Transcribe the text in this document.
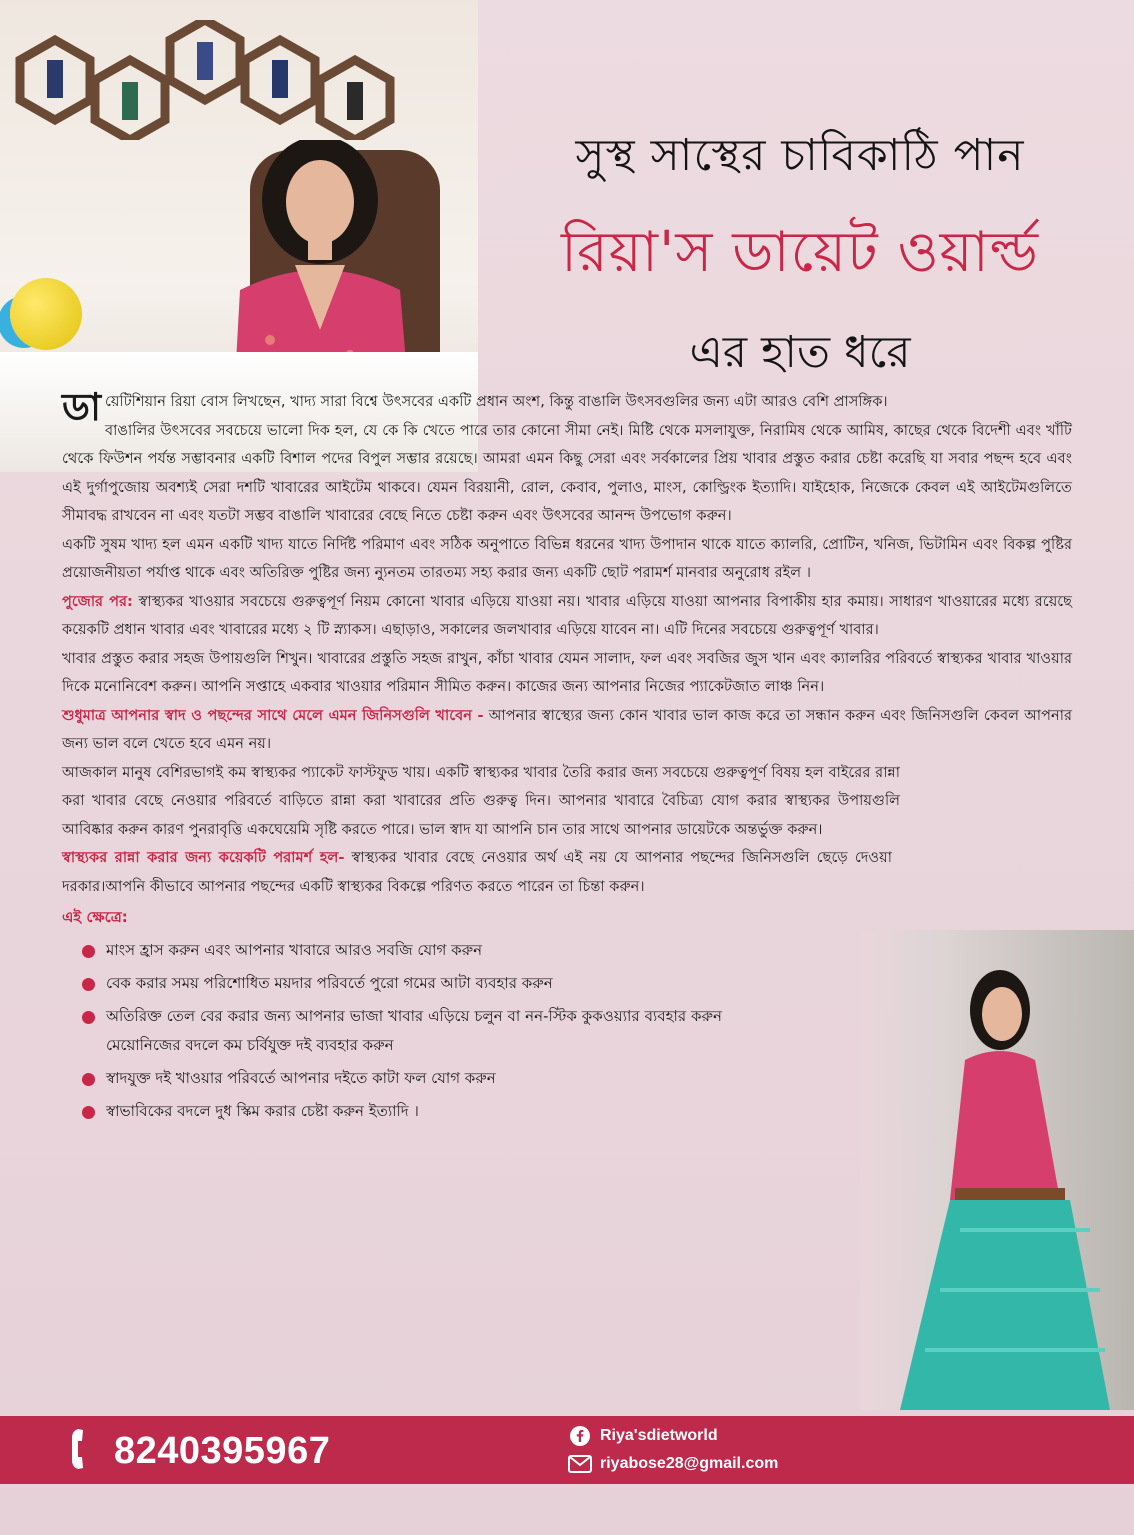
সুস্থ সাস্থের চাবিকাঠি পান
রিয়া'স ডায়েট ওয়ার্ল্ড
এর হাত ধরে

ডায়েটিশিয়ান রিয়া বোস লিখছেন, খাদ্য সারা বিশ্বে উৎসবের একটি প্রধান অংশ, কিন্তু বাঙালি উৎসবগুলির জন্য এটা আরও বেশি প্রাসঙ্গিক।

বাঙালির উৎসবের সবচেয়ে ভালো দিক হল, যে কে কি খেতে পারে তার কোনো সীমা নেই। মিষ্টি থেকে মসলাযুক্ত, নিরামিষ থেকে আমিষ, কাছের থেকে বিদেশী এবং খাঁটি থেকে ফিউশন পর্যন্ত সম্ভাবনার একটি বিশাল পদের বিপুল সম্ভার রয়েছে। আমরা এমন কিছু সেরা এবং সর্বকালের প্রিয় খাবার প্রস্তুত করার চেষ্টা করেছি যা সবার পছন্দ হবে এবং এই দুর্গাপুজোয় অবশ্যই সেরা দশটি খাবারের আইটেম থাকবে। যেমন বিরয়ানী, রোল, কেবাব, পুলাও, মাংস, কোল্ড্রিংক ইত্যাদি। যাইহোক, নিজেকে কেবল এই আইটেমগুলিতে সীমাবদ্ধ রাখবেন না এবং যতটা সম্ভব বাঙালি খাবারের বেছে নিতে চেষ্টা করুন এবং উৎসবের আনন্দ উপভোগ করুন।

একটি সুষম খাদ্য হল এমন একটি খাদ্য যাতে নির্দিষ্ট পরিমাণ এবং সঠিক অনুপাতে বিভিন্ন ধরনের খাদ্য উপাদান থাকে যাতে ক্যালরি, প্রোটিন, খনিজ, ভিটামিন এবং বিকল্প পুষ্টির প্রয়োজনীয়তা পর্যাপ্ত থাকে এবং অতিরিক্ত পুষ্টির জন্য ন্যুনতম তারতম্য সহ্য করার জন্য একটি ছোট পরামর্শ মানবার অনুরোধ রইল ।

পুজোর পর: স্বাস্থ্যকর খাওয়ার সবচেয়ে গুরুত্বপূর্ণ নিয়ম কোনো খাবার এড়িয়ে যাওয়া নয়। খাবার এড়িয়ে যাওয়া আপনার বিপাকীয় হার কমায়। সাধারণ খাওয়ারের মধ্যে রয়েছে কয়েকটি প্রধান খাবার এবং খাবারের মধ্যে ২ টি স্ন্যাকস। এছাড়াও, সকালের জলখাবার এড়িয়ে যাবেন না। এটি দিনের সবচেয়ে গুরুত্বপূর্ণ খাবার।

খাবার প্রস্তুত করার সহজ উপায়গুলি শিখুন। খাবারের প্রস্তুতি সহজ রাখুন, কাঁচা খাবার যেমন সালাদ, ফল এবং সবজির জুস খান এবং ক্যালরির পরিবর্তে স্বাস্থ্যকর খাবার খাওয়ার দিকে মনোনিবেশ করুন। আপনি সপ্তাহে একবার খাওয়ার পরিমান সীমিত করুন। কাজের জন্য আপনার নিজের প্যাকেটজাত লাঞ্চ নিন।

শুধুমাত্র আপনার স্বাদ ও পছন্দের সাথে মেলে এমন জিনিসগুলি খাবেন - আপনার স্বাস্থ্যের জন্য কোন খাবার ভাল কাজ করে তা সন্ধান করুন এবং জিনিসগুলি কেবল আপনার জন্য ভাল বলে খেতে হবে এমন নয়।

আজকাল মানুষ বেশিরভাগই কম স্বাস্থ্যকর প্যাকেট ফাস্টফুড খায়। একটি স্বাস্থ্যকর খাবার তৈরি করার জন্য সবচেয়ে গুরুত্বপূর্ণ বিষয় হল বাইরের রান্না করা খাবার বেছে নেওয়ার পরিবর্তে বাড়িতে রান্না করা খাবারের প্রতি গুরুত্ব দিন। আপনার খাবারে বৈচিত্র্য যোগ করার স্বাস্থ্যকর উপায়গুলি আবিষ্কার করুন কারণ পুনরাবৃত্তি একঘেয়েমি সৃষ্টি করতে পারে। ভাল স্বাদ যা আপনি চান তার সাথে আপনার ডায়েটকে অন্তর্ভুক্ত করুন।

স্বাস্থ্যকর রান্না করার জন্য কয়েকটি পরামর্শ হল- স্বাস্থ্যকর খাবার বেছে নেওয়ার অর্থ এই নয় যে আপনার পছন্দের জিনিসগুলি ছেড়ে দেওয়া দরকার।আপনি কীভাবে আপনার পছন্দের একটি স্বাস্থ্যকর বিকল্পে পরিণত করতে পারেন তা চিন্তা করুন।

এই ক্ষেত্রে:
মাংস হ্রাস করুন এবং আপনার খাবারে আরও সবজি যোগ করুন
বেক করার সময় পরিশোধিত ময়দার পরিবর্তে পুরো গমের আটা ব্যবহার করুন
অতিরিক্ত তেল বের করার জন্য আপনার ভাজা খাবার এড়িয়ে চলুন বা নন-স্টিক কুকওয়্যার ব্যবহার করুন মেয়োনিজের বদলে কম চর্বিযুক্ত দই ব্যবহার করুন
স্বাদযুক্ত দই খাওয়ার পরিবর্তে আপনার দইতে কাটা ফল যোগ করুন
স্বাভাবিকের বদলে দুধ স্কিম করার চেষ্টা করুন ইত্যাদি ।
8240395967	Riya'sdietworld
riyabose28@gmail.com
